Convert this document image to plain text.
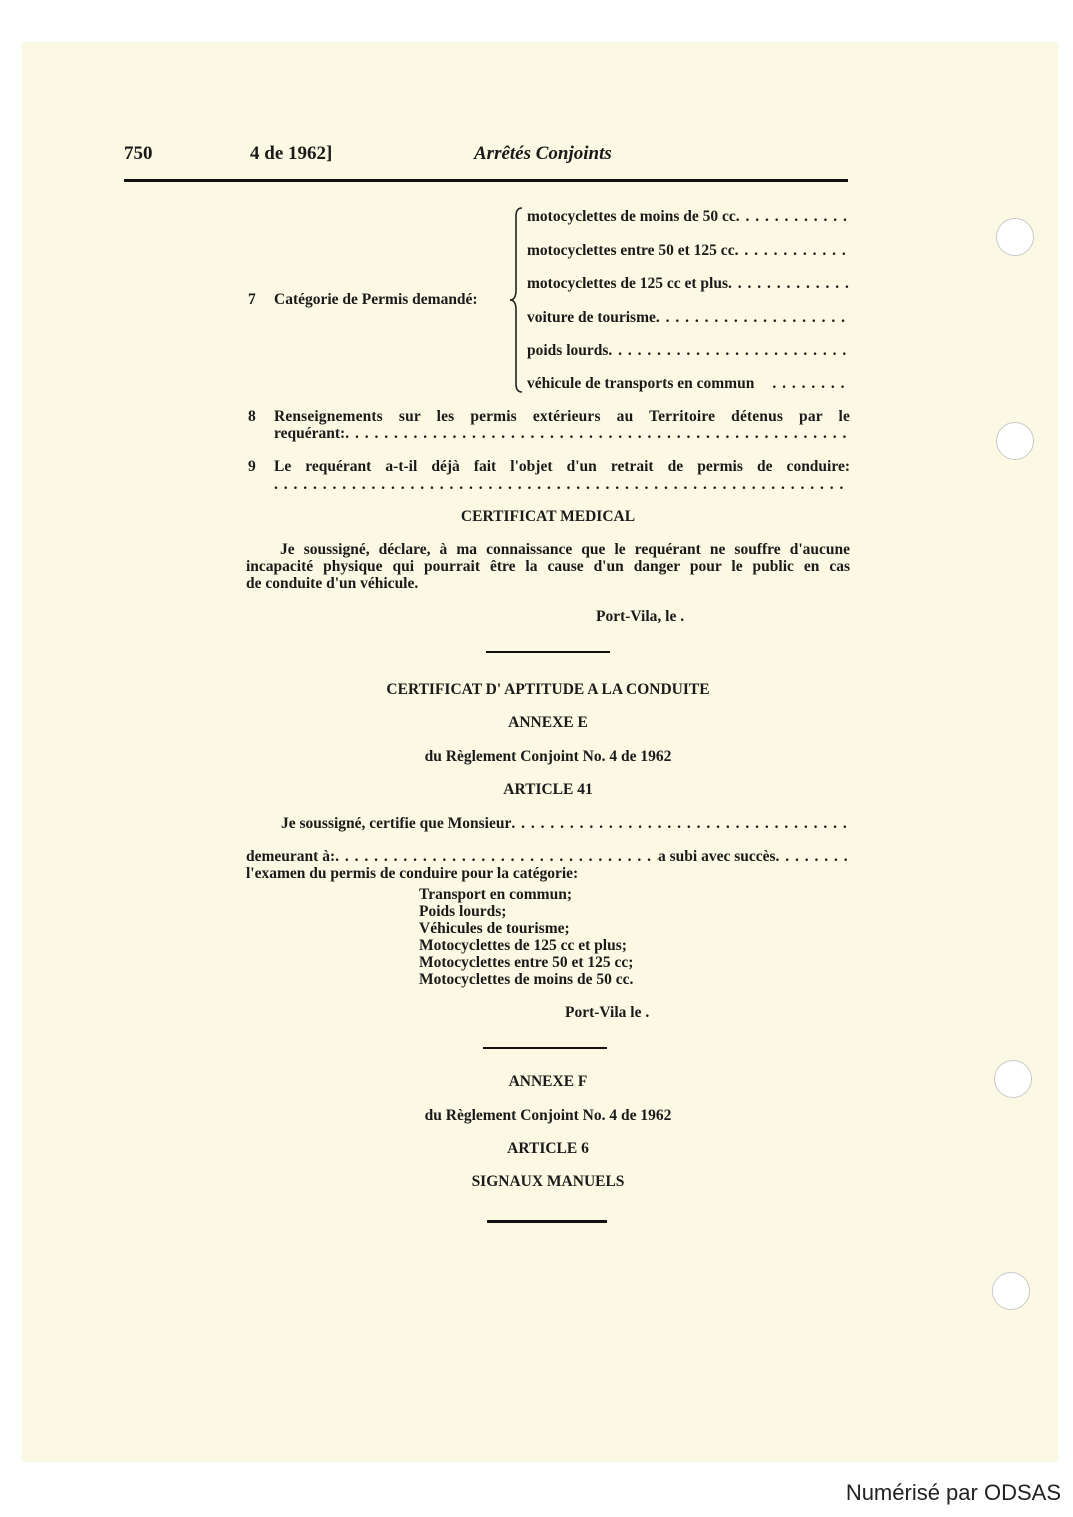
750	4 de 1962]	Arrêtés Conjoints
7 Catégorie de Permis demandé:
motocyclettes de moins de 50 cc
. . .
motocyclettes entre 50 et 125 cc
. . .
motocyclettes de 125 cc et plus
. . .
voiture de tourisme
. . .
poids lourds
. . .
véhicule de transports en commun
. . .
8 Renseignements sur les permis extérieurs au Territoire détenus par le
requérant:
. . .
9 Le requérant a-t-il déjà fait l'objet d'un retrait de permis de conduire:
. . .
CERTIFICAT MEDICAL
Je soussigné, déclare, à ma connaissance que le requérant ne souffre d'aucune
incapacité physique qui pourrait être la cause d'un danger pour le public en cas
de conduite d'un véhicule.
Port-Vila, le .
CERTIFICAT D' APTITUDE A LA CONDUITE
ANNEXE E
du Règlement Conjoint No. 4 de 1962
ARTICLE 41
Je soussigné, certifie que Monsieur
. . .
demeurant à:
. . .	a subi avec succès
. . .
l'examen du permis de conduire pour la catégorie:
Transport en commun;
Poids lourds;
Véhicules de tourisme;
Motocyclettes de 125 cc et plus;
Motocyclettes entre 50 et 125 cc;
Motocyclettes de moins de 50 cc.
Port-Vila le .
ANNEXE F
du Règlement Conjoint No. 4 de 1962
ARTICLE 6
SIGNAUX MANUELS
Numérisé par ODSAS
